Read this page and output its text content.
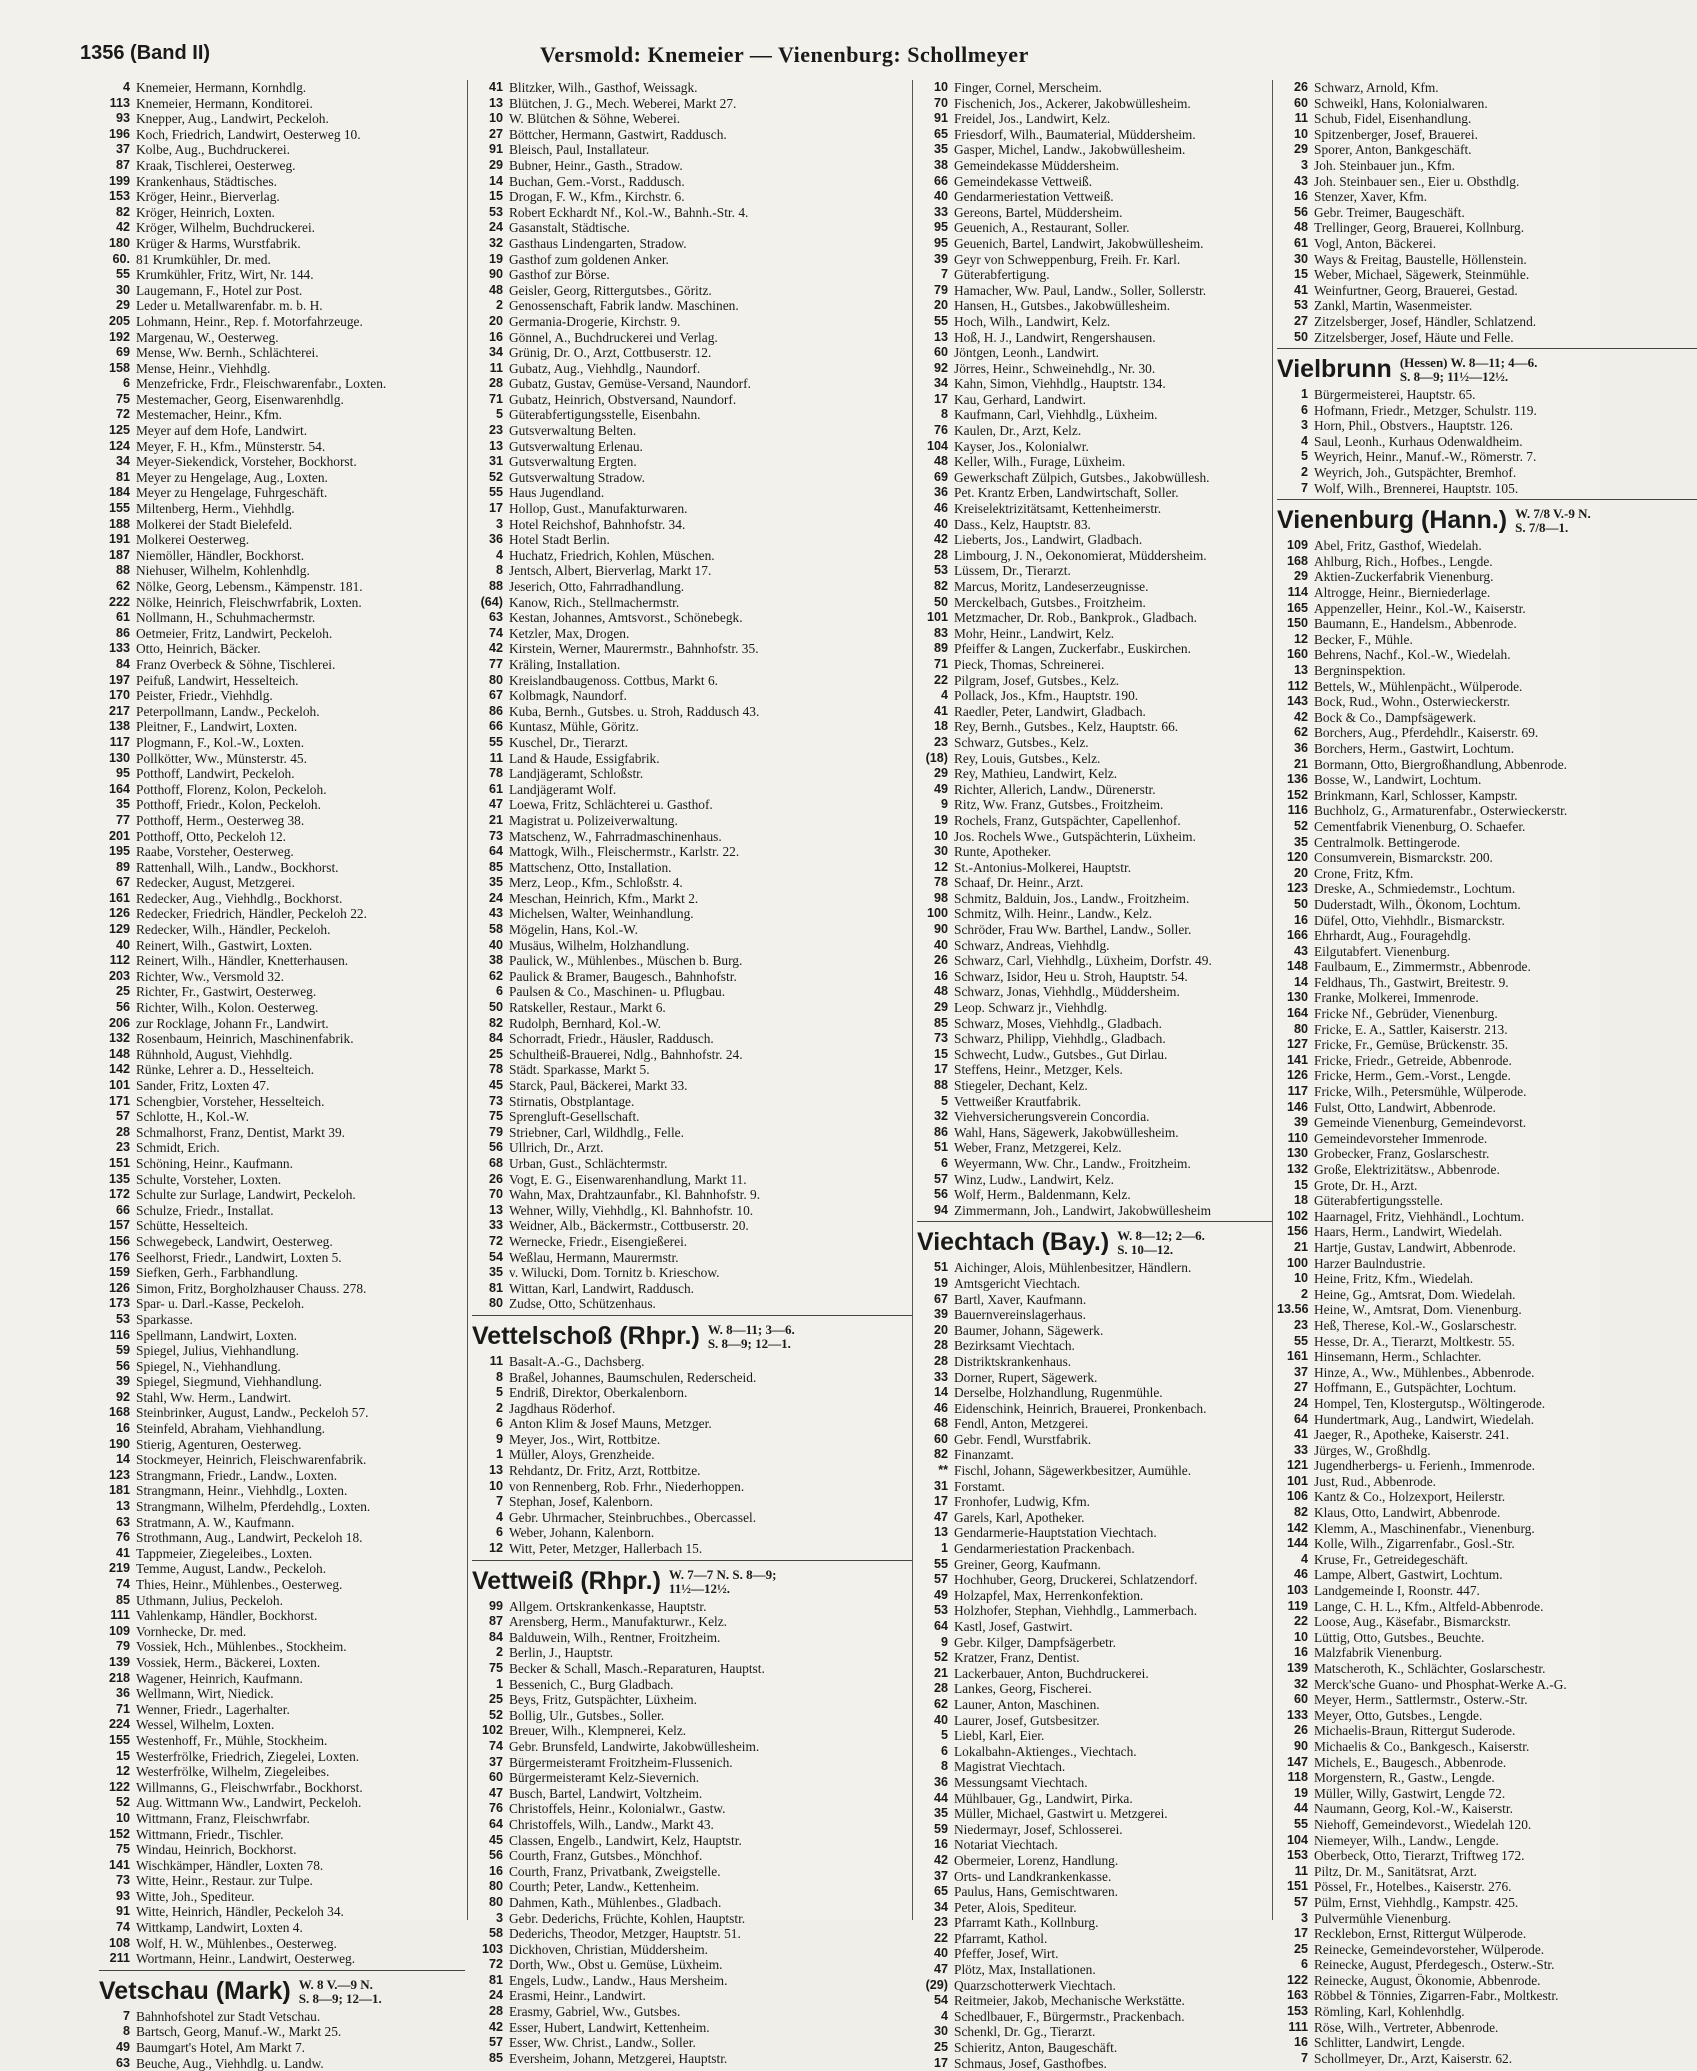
1356 (Band II)	Versmold: Knemeier — Vienenburg: Schollmeyer
4 Knemeier, Hermann, Kornhdlg.
113 Knemeier, Hermann, Konditorei.
93 Knepper, Aug., Landwirt, Peckeloh.
196 Koch, Friedrich, Landwirt, Oesterweg 10.
37 Kolbe, Aug., Buchdruckerei.
87 Kraak, Tischlerei, Oesterweg.
199 Krankenhaus, Städtisches.
153 Kröger, Heinr., Bierverlag.
82 Kröger, Heinrich, Loxten.
42 Kröger, Wilhelm, Buchdruckerei.
180 Krüger & Harms, Wurstfabrik.
60. 81 Krumkühler, Dr. med.
55 Krumkühler, Fritz, Wirt, Nr. 144.
30 Laugemann, F., Hotel zur Post.
29 Leder u. Metallwarenfabr. m. b. H.
205 Lohmann, Heinr., Rep. f. Motorfahrzeuge.
192 Margenau, W., Oesterweg.
69 Mense, Ww. Bernh., Schlächterei.
158 Mense, Heinr., Viehhdlg.
6 Menzefricke, Frdr., Fleischwarenfabr., Loxten.
75 Mestemacher, Georg, Eisenwarenhdlg.
72 Mestemacher, Heinr., Kfm.
125 Meyer auf dem Hofe, Landwirt.
124 Meyer, F. H., Kfm., Münsterstr. 54.
34 Meyer-Siekendick, Vorsteher, Bockhorst.
81 Meyer zu Hengelage, Aug., Loxten.
184 Meyer zu Hengelage, Fuhrgeschäft.
155 Miltenberg, Herm., Viehhdlg.
188 Molkerei der Stadt Bielefeld.
191 Molkerei Oesterweg.
187 Niemöller, Händler, Bockhorst.
88 Niehuser, Wilhelm, Kohlenhdlg.
62 Nölke, Georg, Lebensm., Kämpenstr. 181.
222 Nölke, Heinrich, Fleischwrfabrik, Loxten.
61 Nollmann, H., Schuhmachermstr.
86 Oetmeier, Fritz, Landwirt, Peckeloh.
133 Otto, Heinrich, Bäcker.
84 Franz Overbeck & Söhne, Tischlerei.
197 Peifuß, Landwirt, Hesselteich.
170 Peister, Friedr., Viehhdlg.
217 Peterpollmann, Landw., Peckeloh.
138 Pleitner, F., Landwirt, Loxten.
117 Plogmann, F., Kol.-W., Loxten.
130 Pollkötter, Ww., Münsterstr. 45.
95 Potthoff, Landwirt, Peckeloh.
164 Potthoff, Florenz, Kolon, Peckeloh.
35 Potthoff, Friedr., Kolon, Peckeloh.
77 Potthoff, Herm., Oesterweg 38.
201 Potthoff, Otto, Peckeloh 12.
195 Raabe, Vorsteher, Oesterweg.
89 Rattenhall, Wilh., Landw., Bockhorst.
67 Redecker, August, Metzgerei.
161 Redecker, Aug., Viehhdlg., Bockhorst.
126 Redecker, Friedrich, Händler, Peckeloh 22.
129 Redecker, Wilh., Händler, Peckeloh.
40 Reinert, Wilh., Gastwirt, Loxten.
112 Reinert, Wilh., Händler, Knetterhausen.
203 Richter, Ww., Versmold 32.
25 Richter, Fr., Gastwirt, Oesterweg.
56 Richter, Wilh., Kolon. Oesterweg.
206 zur Rocklage, Johann Fr., Landwirt.
132 Rosenbaum, Heinrich, Maschinenfabrik.
148 Rühnhold, August, Viehhdlg.
142 Rünke, Lehrer a. D., Hesselteich.
101 Sander, Fritz, Loxten 47.
171 Schengbier, Vorsteher, Hesselteich.
57 Schlotte, H., Kol.-W.
28 Schmalhorst, Franz, Dentist, Markt 39.
23 Schmidt, Erich.
151 Schöning, Heinr., Kaufmann.
135 Schulte, Vorsteher, Loxten.
172 Schulte zur Surlage, Landwirt, Peckeloh.
66 Schulze, Friedr., Installat.
157 Schütte, Hesselteich.
156 Schwegebeck, Landwirt, Oesterweg.
176 Seelhorst, Friedr., Landwirt, Loxten 5.
159 Siefken, Gerh., Farbhandlung.
126 Simon, Fritz, Borgholzhauser Chauss. 278.
173 Spar- u. Darl.-Kasse, Peckeloh.
53 Sparkasse.
116 Spellmann, Landwirt, Loxten.
59 Spiegel, Julius, Viehhandlung.
56 Spiegel, N., Viehhandlung.
39 Spiegel, Siegmund, Viehhandlung.
92 Stahl, Ww. Herm., Landwirt.
168 Steinbrinker, August, Landw., Peckeloh 57.
16 Steinfeld, Abraham, Viehhandlung.
190 Stierig, Agenturen, Oesterweg.
14 Stockmeyer, Heinrich, Fleischwarenfabrik.
123 Strangmann, Friedr., Landw., Loxten.
181 Strangmann, Heinr., Viehhdlg., Loxten.
13 Strangmann, Wilhelm, Pferdehdlg., Loxten.
63 Stratmann, A. W., Kaufmann.
76 Strothmann, Aug., Landwirt, Peckeloh 18.
41 Tappmeier, Ziegeleibes., Loxten.
219 Temme, August, Landw., Peckeloh.
74 Thies, Heinr., Mühlenbes., Oesterweg.
85 Uthmann, Julius, Peckeloh.
111 Vahlenkamp, Händler, Bockhorst.
109 Vornhecke, Dr. med.
79 Vossiek, Hch., Mühlenbes., Stockheim.
139 Vossiek, Herm., Bäckerei, Loxten.
218 Wagener, Heinrich, Kaufmann.
36 Wellmann, Wirt, Niedick.
71 Wenner, Friedr., Lagerhalter.
224 Wessel, Wilhelm, Loxten.
155 Westenhoff, Fr., Mühle, Stockheim.
15 Westerfrölke, Friedrich, Ziegelei, Loxten.
12 Westerfrölke, Wilhelm, Ziegeleibes.
122 Willmanns, G., Fleischwrfabr., Bockhorst.
52 Aug. Wittmann Ww., Landwirt, Peckeloh.
10 Wittmann, Franz, Fleischwrfabr.
152 Wittmann, Friedr., Tischler.
75 Windau, Heinrich, Bockhorst.
141 Wischkämper, Händler, Loxten 78.
73 Witte, Heinr., Restaur. zur Tulpe.
93 Witte, Joh., Spediteur.
91 Witte, Heinrich, Händler, Peckeloh 34.
74 Wittkamp, Landwirt, Loxten 4.
108 Wolf, H. W., Mühlenbes., Oesterweg.
211 Wortmann, Heinr., Landwirt, Oesterweg.
Vetschau (Mark) W. 8 V.—9 N.
S. 8—9; 12—1.
7 Bahnhofshotel zur Stadt Vetschau.
8 Bartsch, Georg, Manuf.-W., Markt 25.
49 Baumgart's Hotel, Am Markt 7.
63 Beuche, Aug., Viehhdlg. u. Landw.
41 Blitzker, Wilh., Gasthof, Weissagk.
13 Blütchen, J. G., Mech. Weberei, Markt 27.
10 W. Blütchen & Söhne, Weberei.
27 Böttcher, Hermann, Gastwirt, Raddusch.
91 Bleisch, Paul, Installateur.
29 Bubner, Heinr., Gasth., Stradow.
14 Buchan, Gem.-Vorst., Raddusch.
15 Drogan, F. W., Kfm., Kirchstr. 6.
53 Robert Eckhardt Nf., Kol.-W., Bahnh.-Str. 4.
24 Gasanstalt, Städtische.
32 Gasthaus Lindengarten, Stradow.
19 Gasthof zum goldenen Anker.
90 Gasthof zur Börse.
48 Geisler, Georg, Rittergutsbes., Göritz.
2 Genossenschaft, Fabrik landw. Maschinen.
20 Germania-Drogerie, Kirchstr. 9.
16 Gönnel, A., Buchdruckerei und Verlag.
34 Grünig, Dr. O., Arzt, Cottbuserstr. 12.
11 Gubatz, Aug., Viehhdlg., Naundorf.
28 Gubatz, Gustav, Gemüse-Versand, Naundorf.
71 Gubatz, Heinrich, Obstversand, Naundorf.
5 Güterabfertigungsstelle, Eisenbahn.
23 Gutsverwaltung Belten.
13 Gutsverwaltung Erlenau.
31 Gutsverwaltung Ergten.
52 Gutsverwaltung Stradow.
55 Haus Jugendland.
17 Hollop, Gust., Manufakturwaren.
3 Hotel Reichshof, Bahnhofstr. 34.
36 Hotel Stadt Berlin.
4 Huchatz, Friedrich, Kohlen, Müschen.
8 Jentsch, Albert, Bierverlag, Markt 17.
88 Jeserich, Otto, Fahrradhandlung.
(64) Kanow, Rich., Stellmachermstr.
63 Kestan, Johannes, Amtsvorst., Schönebegk.
74 Ketzler, Max, Drogen.
42 Kirstein, Werner, Maurermstr., Bahnhofstr. 35.
77 Kräling, Installation.
80 Kreislandbaugenoss. Cottbus, Markt 6.
67 Kolbmagk, Naundorf.
86 Kuba, Bernh., Gutsbes. u. Stroh, Raddusch 43.
66 Kuntasz, Mühle, Göritz.
55 Kuschel, Dr., Tierarzt.
11 Land & Haude, Essigfabrik.
78 Landjägeramt, Schloßstr.
61 Landjägeramt Wolf.
47 Loewa, Fritz, Schlächterei u. Gasthof.
21 Magistrat u. Polizeiverwaltung.
73 Matschenz, W., Fahrradmaschinenhaus.
64 Mattogk, Wilh., Fleischermstr., Karlstr. 22.
85 Mattschenz, Otto, Installation.
35 Merz, Leop., Kfm., Schloßstr. 4.
24 Meschan, Heinrich, Kfm., Markt 2.
43 Michelsen, Walter, Weinhandlung.
58 Mögelin, Hans, Kol.-W.
40 Musäus, Wilhelm, Holzhandlung.
38 Paulick, W., Mühlenbes., Müschen b. Burg.
62 Paulick & Bramer, Baugesch., Bahnhofstr.
6 Paulsen & Co., Maschinen- u. Pflugbau.
50 Ratskeller, Restaur., Markt 6.
82 Rudolph, Bernhard, Kol.-W.
84 Schorradt, Friedr., Häusler, Raddusch.
25 Schultheiß-Brauerei, Ndlg., Bahnhofstr. 24.
78 Städt. Sparkasse, Markt 5.
45 Starck, Paul, Bäckerei, Markt 33.
73 Stirnatis, Obstplantage.
75 Sprengluft-Gesellschaft.
79 Striebner, Carl, Wildhdlg., Felle.
56 Ullrich, Dr., Arzt.
68 Urban, Gust., Schlächtermstr.
26 Vogt, E. G., Eisenwarenhandlung, Markt 11.
70 Wahn, Max, Drahtzaunfabr., Kl. Bahnhofstr. 9.
13 Wehner, Willy, Viehhdlg., Kl. Bahnhofstr. 10.
33 Weidner, Alb., Bäckermstr., Cottbuserstr. 20.
72 Wernecke, Friedr., Eisengießerei.
54 Weßlau, Hermann, Maurermstr.
35 v. Wilucki, Dom. Tornitz b. Krieschow.
81 Wittan, Karl, Landwirt, Raddusch.
80 Zudse, Otto, Schützenhaus.
Vettelschoß (Rhpr.) W. 8—11; 3—6.
S. 8—9; 12—1.
11 Basalt-A.-G., Dachsberg.
8 Braßel, Johannes, Baumschulen, Rederscheid.
5 Endriß, Direktor, Oberkalenborn.
2 Jagdhaus Röderhof.
6 Anton Klim & Josef Mauns, Metzger.
9 Meyer, Jos., Wirt, Rottbitze.
1 Müller, Aloys, Grenzheide.
13 Rehdantz, Dr. Fritz, Arzt, Rottbitze.
10 von Rennenberg, Rob. Frhr., Niederhoppen.
7 Stephan, Josef, Kalenborn.
4 Gebr. Uhrmacher, Steinbruchbes., Obercassel.
6 Weber, Johann, Kalenborn.
12 Witt, Peter, Metzger, Hallerbach 15.
Vettweiß (Rhpr.) W. 7—7 N. S. 8—9;
11½—12½.
99 Allgem. Ortskrankenkasse, Hauptstr.
87 Arensberg, Herm., Manufakturwr., Kelz.
84 Balduwein, Wilh., Rentner, Froitzheim.
2 Berlin, J., Hauptstr.
75 Becker & Schall, Masch.-Reparaturen, Hauptst.
1 Bessenich, C., Burg Gladbach.
25 Beys, Fritz, Gutspächter, Lüxheim.
52 Bollig, Ulr., Gutsbes., Soller.
102 Breuer, Wilh., Klempnerei, Kelz.
74 Gebr. Brunsfeld, Landwirte, Jakobwüllesheim.
37 Bürgermeisteramt Froitzheim-Flussenich.
60 Bürgermeisteramt Kelz-Sievernich.
47 Busch, Bartel, Landwirt, Voltzheim.
76 Christoffels, Heinr., Kolonialwr., Gastw.
64 Christoffels, Wilh., Landw., Markt 43.
45 Classen, Engelb., Landwirt, Kelz, Hauptstr.
56 Courth, Franz, Gutsbes., Mönchhof.
16 Courth, Franz, Privatbank, Zweigstelle.
80 Courth; Peter, Landw., Kettenheim.
80 Dahmen, Kath., Mühlenbes., Gladbach.
3 Gebr. Dederichs, Früchte, Kohlen, Hauptstr.
58 Dederichs, Theodor, Metzger, Hauptstr. 51.
103 Dickhoven, Christian, Müddersheim.
72 Dorth, Ww., Obst u. Gemüse, Lüxheim.
81 Engels, Ludw., Landw., Haus Mersheim.
24 Erasmi, Heinr., Landwirt.
28 Erasmy, Gabriel, Ww., Gutsbes.
42 Esser, Hubert, Landwirt, Kettenheim.
57 Esser, Ww. Christ., Landw., Soller.
85 Eversheim, Johann, Metzgerei, Hauptstr.
10 Finger, Cornel, Merscheim.
70 Fischenich, Jos., Ackerer, Jakobwüllesheim.
91 Freidel, Jos., Landwirt, Kelz.
65 Friesdorf, Wilh., Baumaterial, Müddersheim.
35 Gasper, Michel, Landw., Jakobwüllesheim.
38 Gemeindekasse Müddersheim.
66 Gemeindekasse Vettweiß.
40 Gendarmeriestation Vettweiß.
33 Gereons, Bartel, Müddersheim.
95 Geuenich, A., Restaurant, Soller.
95 Geuenich, Bartel, Landwirt, Jakobwüllesheim.
39 Geyr von Schweppenburg, Freih. Fr. Karl.
7 Güterabfertigung.
79 Hamacher, Ww. Paul, Landw., Soller, Sollerstr.
20 Hansen, H., Gutsbes., Jakobwüllesheim.
55 Hoch, Wilh., Landwirt, Kelz.
13 Hoß, H. J., Landwirt, Rengershausen.
60 Jöntgen, Leonh., Landwirt.
92 Jörres, Heinr., Schweinehdlg., Nr. 30.
34 Kahn, Simon, Viehhdlg., Hauptstr. 134.
17 Kau, Gerhard, Landwirt.
8 Kaufmann, Carl, Viehhdlg., Lüxheim.
76 Kaulen, Dr., Arzt, Kelz.
104 Kayser, Jos., Kolonialwr.
48 Keller, Wilh., Furage, Lüxheim.
69 Gewerkschaft Zülpich, Gutsbes., Jakobwüllesh.
36 Pet. Krantz Erben, Landwirtschaft, Soller.
46 Kreiselektrizitätsamt, Kettenheimerstr.
40 Dass., Kelz, Hauptstr. 83.
42 Lieberts, Jos., Landwirt, Gladbach.
28 Limbourg, J. N., Oekonomierat, Müddersheim.
53 Lüssem, Dr., Tierarzt.
82 Marcus, Moritz, Landeserzeugnisse.
50 Merckelbach, Gutsbes., Froitzheim.
101 Metzmacher, Dr. Rob., Bankprok., Gladbach.
83 Mohr, Heinr., Landwirt, Kelz.
89 Pfeiffer & Langen, Zuckerfabr., Euskirchen.
71 Pieck, Thomas, Schreinerei.
22 Pilgram, Josef, Gutsbes., Kelz.
4 Pollack, Jos., Kfm., Hauptstr. 190.
41 Raedler, Peter, Landwirt, Gladbach.
18 Rey, Bernh., Gutsbes., Kelz, Hauptstr. 66.
23 Schwarz, Gutsbes., Kelz.
(18) Rey, Louis, Gutsbes., Kelz.
29 Rey, Mathieu, Landwirt, Kelz.
49 Richter, Allerich, Landw., Dürenerstr.
9 Ritz, Ww. Franz, Gutsbes., Froitzheim.
19 Rochels, Franz, Gutspächter, Capellenhof.
10 Jos. Rochels Wwe., Gutspächterin, Lüxheim.
30 Runte, Apotheker.
12 St.-Antonius-Molkerei, Hauptstr.
78 Schaaf, Dr. Heinr., Arzt.
98 Schmitz, Balduin, Jos., Landw., Froitzheim.
100 Schmitz, Wilh. Heinr., Landw., Kelz.
90 Schröder, Frau Ww. Barthel, Landw., Soller.
40 Schwarz, Andreas, Viehhdlg.
26 Schwarz, Carl, Viehhdlg., Lüxheim, Dorfstr. 49.
16 Schwarz, Isidor, Heu u. Stroh, Hauptstr. 54.
48 Schwarz, Jonas, Viehhdlg., Müddersheim.
29 Leop. Schwarz jr., Viehhdlg.
85 Schwarz, Moses, Viehhdlg., Gladbach.
73 Schwarz, Philipp, Viehhdlg., Gladbach.
15 Schwecht, Ludw., Gutsbes., Gut Dirlau.
17 Steffens, Heinr., Metzger, Kels.
88 Stiegeler, Dechant, Kelz.
5 Vettweißer Krautfabrik.
32 Viehversicherungsverein Concordia.
86 Wahl, Hans, Sägewerk, Jakobwüllesheim.
51 Weber, Franz, Metzgerei, Kelz.
6 Weyermann, Ww. Chr., Landw., Froitzheim.
57 Winz, Ludw., Landwirt, Kelz.
56 Wolf, Herm., Baldenmann, Kelz.
94 Zimmermann, Joh., Landwirt, Jakobwüllesheim
Viechtach (Bay.) W. 8—12; 2—6.
S. 10—12.
51 Aichinger, Alois, Mühlenbesitzer, Händlern.
19 Amtsgericht Viechtach.
67 Bartl, Xaver, Kaufmann.
39 Bauernvereinslagerhaus.
20 Baumer, Johann, Sägewerk.
28 Bezirksamt Viechtach.
28 Distriktskrankenhaus.
33 Dorner, Rupert, Sägewerk.
14 Derselbe, Holzhandlung, Rugenmühle.
46 Eidenschink, Heinrich, Brauerei, Pronkenbach.
68 Fendl, Anton, Metzgerei.
60 Gebr. Fendl, Wurstfabrik.
82 Finanzamt.
** Fischl, Johann, Sägewerkbesitzer, Aumühle.
31 Forstamt.
17 Fronhofer, Ludwig, Kfm.
47 Garels, Karl, Apotheker.
13 Gendarmerie-Hauptstation Viechtach.
1 Gendarmeriestation Prackenbach.
55 Greiner, Georg, Kaufmann.
57 Hochhuber, Georg, Druckerei, Schlatzendorf.
49 Holzapfel, Max, Herrenkonfektion.
53 Holzhofer, Stephan, Viehhdlg., Lammerbach.
64 Kastl, Josef, Gastwirt.
9 Gebr. Kilger, Dampfsägerbetr.
52 Kratzer, Franz, Dentist.
21 Lackerbauer, Anton, Buchdruckerei.
28 Lankes, Georg, Fischerei.
62 Launer, Anton, Maschinen.
40 Laurer, Josef, Gutsbesitzer.
5 Liebl, Karl, Eier.
6 Lokalbahn-Aktienges., Viechtach.
8 Magistrat Viechtach.
36 Messungsamt Viechtach.
44 Mühlbauer, Gg., Landwirt, Pirka.
35 Müller, Michael, Gastwirt u. Metzgerei.
59 Niedermayr, Josef, Schlosserei.
16 Notariat Viechtach.
42 Obermeier, Lorenz, Handlung.
37 Orts- und Landkrankenkasse.
65 Paulus, Hans, Gemischtwaren.
34 Peter, Alois, Spediteur.
23 Pfarramt Kath., Kollnburg.
22 Pfarramt, Kathol.
40 Pfeffer, Josef, Wirt.
47 Plötz, Max, Installationen.
(29) Quarzschotterwerk Viechtach.
54 Reitmeier, Jakob, Mechanische Werkstätte.
4 Schedlbauer, F., Bürgermstr., Prackenbach.
30 Schenkl, Dr. Gg., Tierarzt.
25 Schieritz, Anton, Baugeschäft.
17 Schmaus, Josef, Gasthofbes.
26 Schwarz, Arnold, Kfm.
60 Schweikl, Hans, Kolonialwaren.
11 Schub, Fidel, Eisenhandlung.
10 Spitzenberger, Josef, Brauerei.
29 Sporer, Anton, Bankgeschäft.
3 Joh. Steinbauer jun., Kfm.
43 Joh. Steinbauer sen., Eier u. Obsthdlg.
16 Stenzer, Xaver, Kfm.
56 Gebr. Treimer, Baugeschäft.
48 Trellinger, Georg, Brauerei, Kollnburg.
61 Vogl, Anton, Bäckerei.
30 Ways & Freitag, Baustelle, Höllenstein.
15 Weber, Michael, Sägewerk, Steinmühle.
41 Weinfurtner, Georg, Brauerei, Gestad.
53 Zankl, Martin, Wasenmeister.
27 Zitzelsberger, Josef, Händler, Schlatzend.
50 Zitzelsberger, Josef, Häute und Felle.
Vielbrunn (Hessen) W. 8—11; 4—6.
S. 8—9; 11½—12½.
1 Bürgermeisterei, Hauptstr. 65.
6 Hofmann, Friedr., Metzger, Schulstr. 119.
3 Horn, Phil., Obstvers., Hauptstr. 126.
4 Saul, Leonh., Kurhaus Odenwaldheim.
5 Weyrich, Heinr., Manuf.-W., Römerstr. 7.
2 Weyrich, Joh., Gutspächter, Bremhof.
7 Wolf, Wilh., Brennerei, Hauptstr. 105.
Vienenburg (Hann.) W. 7/8 V.-9 N.
S. 7/8—1.
109 Abel, Fritz, Gasthof, Wiedelah.
168 Ahlburg, Rich., Hofbes., Lengde.
29 Aktien-Zuckerfabrik Vienenburg.
114 Altrogge, Heinr., Bierniederlage.
165 Appenzeller, Heinr., Kol.-W., Kaiserstr.
150 Baumann, E., Handelsm., Abbenrode.
12 Becker, F., Mühle.
160 Behrens, Nachf., Kol.-W., Wiedelah.
13 Bergninspektion.
112 Bettels, W., Mühlenpächt., Wülperode.
143 Bock, Rud., Wohn., Osterwieckerstr.
42 Bock & Co., Dampfsägewerk.
62 Borchers, Aug., Pferdehdlr., Kaiserstr. 69.
36 Borchers, Herm., Gastwirt, Lochtum.
21 Bormann, Otto, Biergroßhandlung, Abbenrode.
136 Bosse, W., Landwirt, Lochtum.
152 Brinkmann, Karl, Schlosser, Kampstr.
116 Buchholz, G., Armaturenfabr., Osterwieckerstr.
52 Cementfabrik Vienenburg, O. Schaefer.
35 Centralmolk. Bettingerode.
120 Consumverein, Bismarckstr. 200.
20 Crone, Fritz, Kfm.
123 Dreske, A., Schmiedemstr., Lochtum.
50 Duderstadt, Wilh., Ökonom, Lochtum.
16 Düfel, Otto, Viehhdlr., Bismarckstr.
166 Ehrhardt, Aug., Fouragehdlg.
43 Eilgutabfert. Vienenburg.
148 Faulbaum, E., Zimmermstr., Abbenrode.
14 Feldhaus, Th., Gastwirt, Breitestr. 9.
130 Franke, Molkerei, Immenrode.
164 Fricke Nf., Gebrüder, Vienenburg.
80 Fricke, E. A., Sattler, Kaiserstr. 213.
127 Fricke, Fr., Gemüse, Brückenstr. 35.
141 Fricke, Friedr., Getreide, Abbenrode.
126 Fricke, Herm., Gem.-Vorst., Lengde.
117 Fricke, Wilh., Petersmühle, Wülperode.
146 Fulst, Otto, Landwirt, Abbenrode.
39 Gemeinde Vienenburg, Gemeindevorst.
110 Gemeindevorsteher Immenrode.
130 Grobecker, Franz, Goslarschestr.
132 Große, Elektrizitätsw., Abbenrode.
15 Grote, Dr. H., Arzt.
18 Güterabfertigungsstelle.
102 Haarnagel, Fritz, Viehhändl., Lochtum.
156 Haars, Herm., Landwirt, Wiedelah.
21 Hartje, Gustav, Landwirt, Abbenrode.
100 Harzer Baulndustrie.
10 Heine, Fritz, Kfm., Wiedelah.
2 Heine, Gg., Amtsrat, Dom. Wiedelah.
13.56 Heine, W., Amtsrat, Dom. Vienenburg.
23 Heß, Therese, Kol.-W., Goslarschestr.
55 Hesse, Dr. A., Tierarzt, Moltkestr. 55.
161 Hinsemann, Herm., Schlachter.
37 Hinze, A., Ww., Mühlenbes., Abbenrode.
27 Hoffmann, E., Gutspächter, Lochtum.
24 Hompel, Ten, Klostergutsp., Wöltingerode.
64 Hundertmark, Aug., Landwirt, Wiedelah.
41 Jaeger, R., Apotheke, Kaiserstr. 241.
33 Jürges, W., Großhdlg.
121 Jugendherbergs- u. Ferienh., Immenrode.
101 Just, Rud., Abbenrode.
106 Kantz & Co., Holzexport, Heilerstr.
82 Klaus, Otto, Landwirt, Abbenrode.
142 Klemm, A., Maschinenfabr., Vienenburg.
144 Kolle, Wilh., Zigarrenfabr., Gosl.-Str.
4 Kruse, Fr., Getreidegeschäft.
46 Lampe, Albert, Gastwirt, Lochtum.
103 Landgemeinde I, Roonstr. 447.
119 Lange, C. H. L., Kfm., Altfeld-Abbenrode.
22 Loose, Aug., Käsefabr., Bismarckstr.
10 Lüttig, Otto, Gutsbes., Beuchte.
16 Malzfabrik Vienenburg.
139 Matscheroth, K., Schlächter, Goslarschestr.
32 Merck'sche Guano- und Phosphat-Werke A.-G.
60 Meyer, Herm., Sattlermstr., Osterw.-Str.
133 Meyer, Otto, Gutsbes., Lengde.
26 Michaelis-Braun, Rittergut Suderode.
90 Michaelis & Co., Bankgesch., Kaiserstr.
147 Michels, E., Baugesch., Abbenrode.
118 Morgenstern, R., Gastw., Lengde.
19 Müller, Willy, Gastwirt, Lengde 72.
44 Naumann, Georg, Kol.-W., Kaiserstr.
55 Niehoff, Gemeindevorst., Wiedelah 120.
104 Niemeyer, Wilh., Landw., Lengde.
153 Oberbeck, Otto, Tierarzt, Triftweg 172.
11 Piltz, Dr. M., Sanitätsrat, Arzt.
151 Pössel, Fr., Hotelbes., Kaiserstr. 276.
57 Pülm, Ernst, Viehhdlg., Kampstr. 425.
3 Pulvermühle Vienenburg.
17 Recklebon, Ernst, Rittergut Wülperode.
25 Reinecke, Gemeindevorsteher, Wülperode.
6 Reinecke, August, Pferdegesch., Osterw.-Str.
122 Reinecke, August, Ökonomie, Abbenrode.
163 Röbbel & Tönnies, Zigarren-Fabr., Moltkestr.
153 Römling, Karl, Kohlenhdlg.
111 Röse, Wilh., Vertreter, Abbenrode.
16 Schlitter, Landwirt, Lengde.
7 Schollmeyer, Dr., Arzt, Kaiserstr. 62.
